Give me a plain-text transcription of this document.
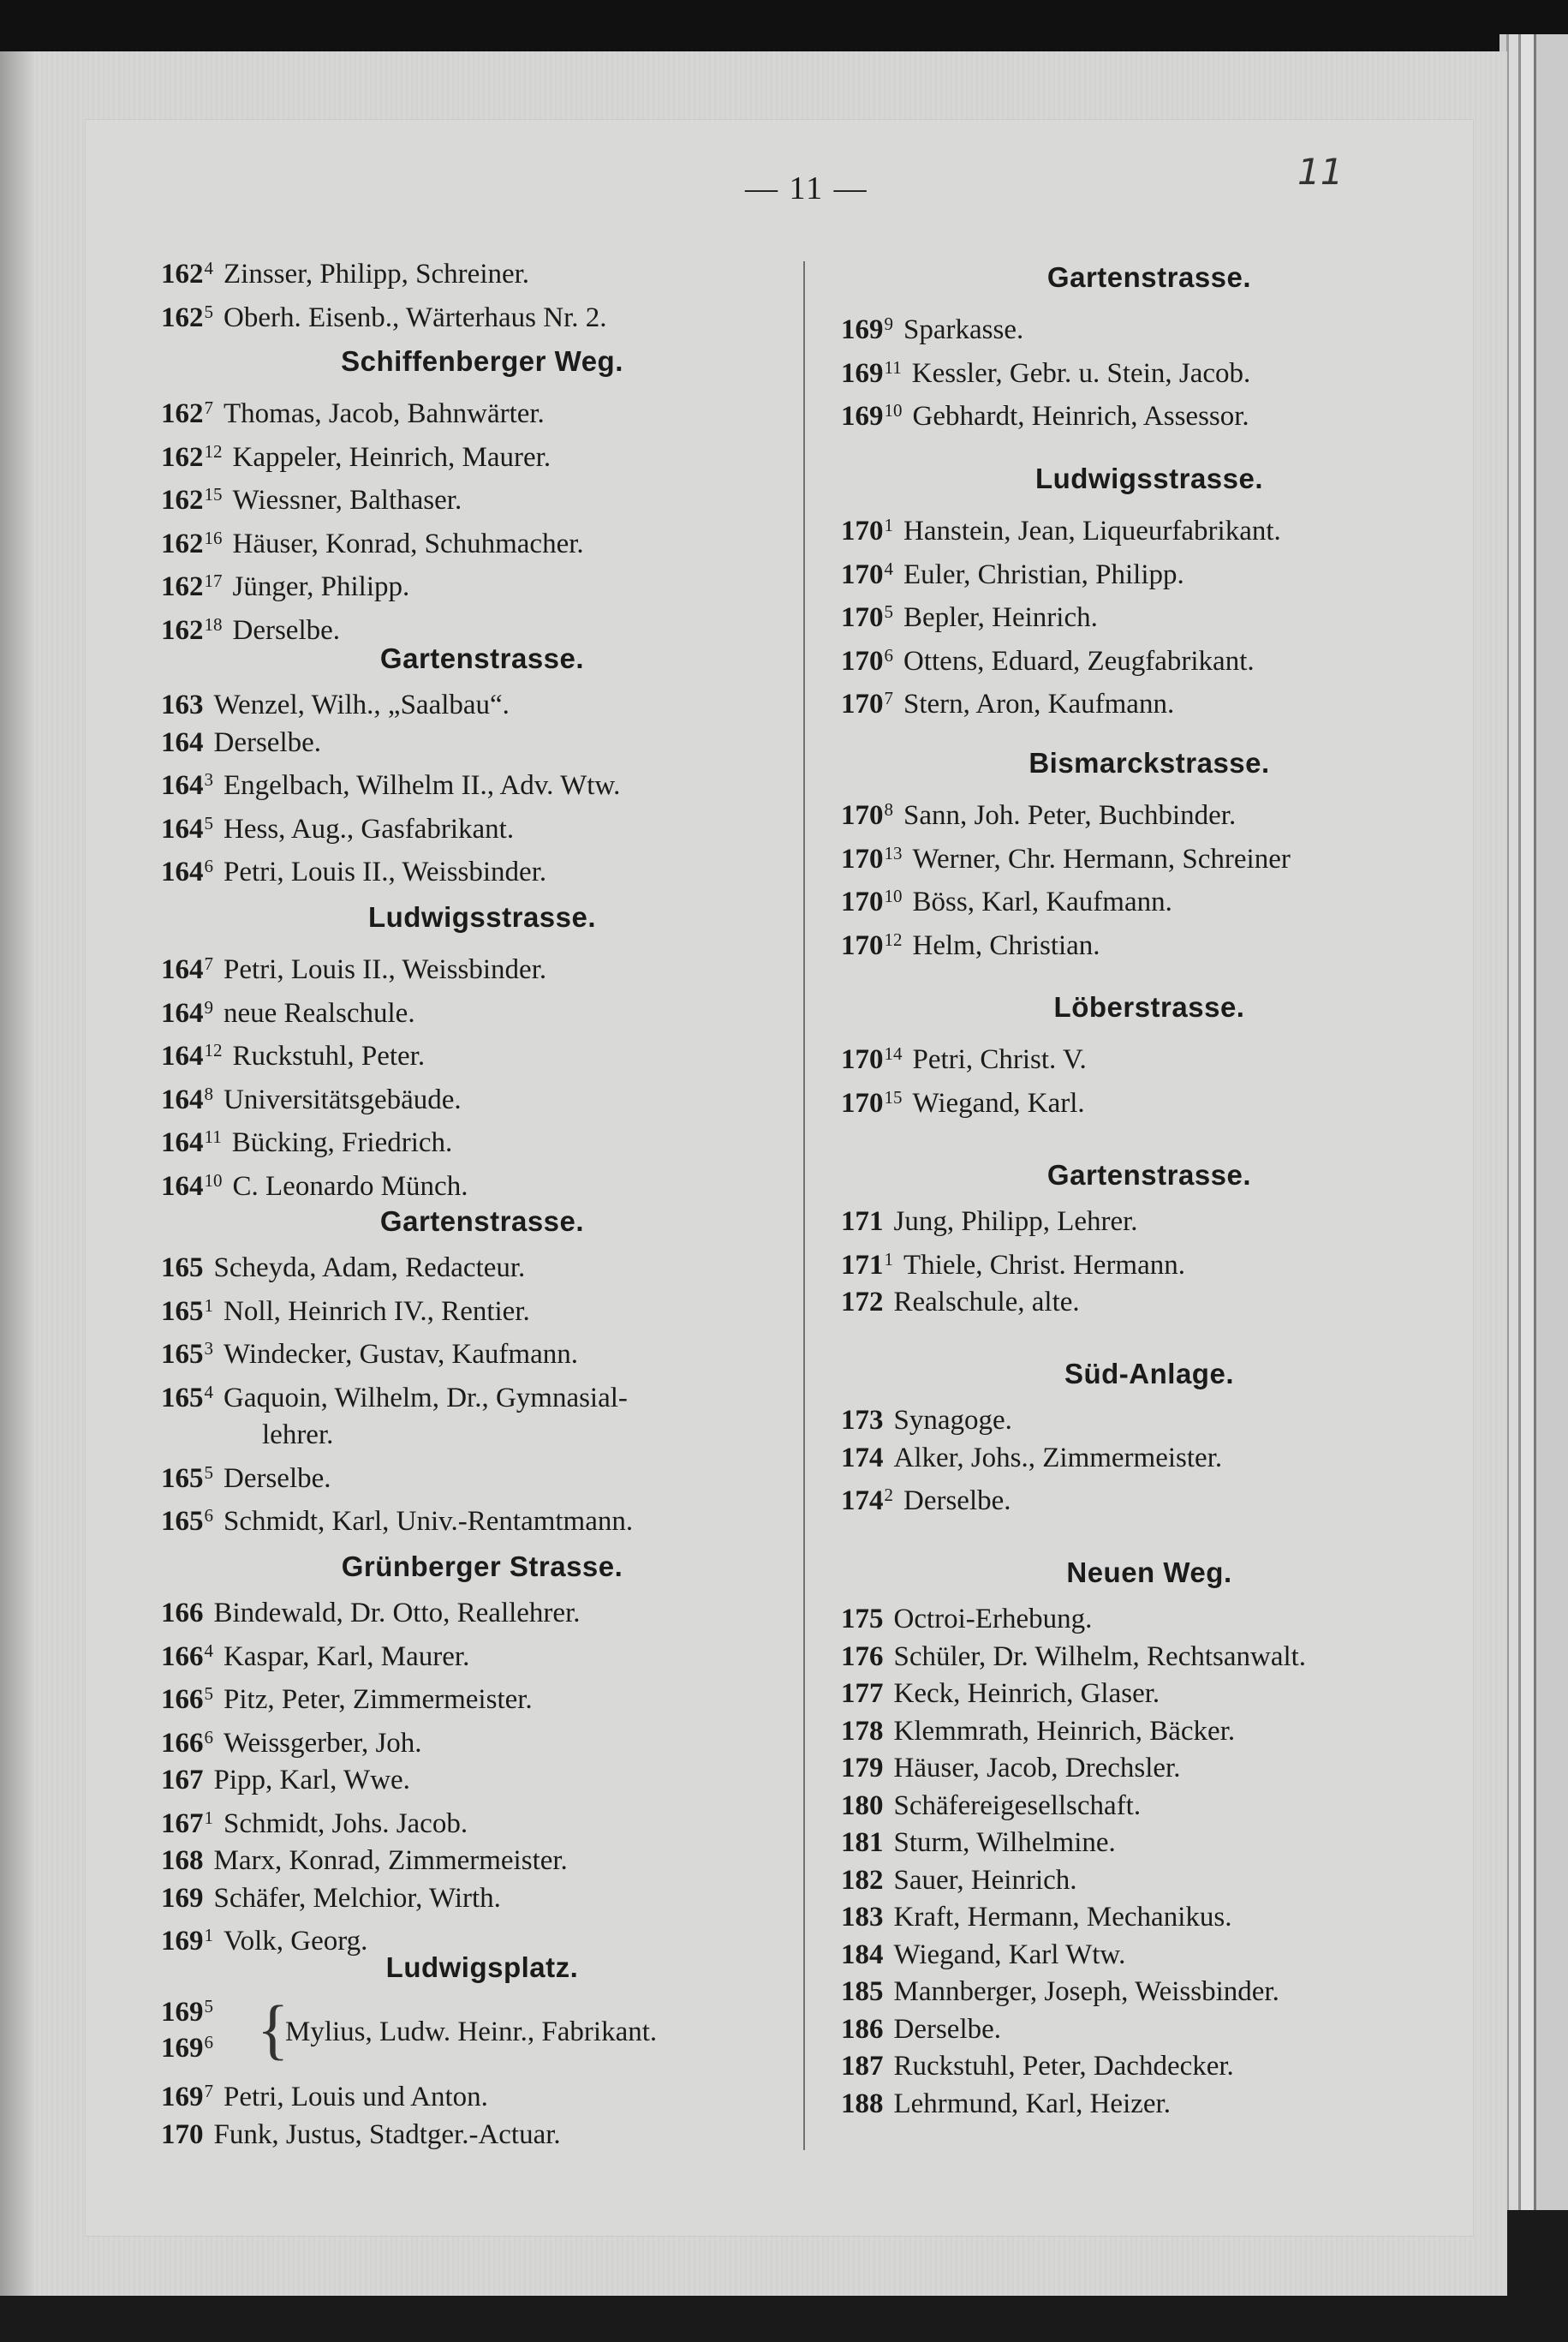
— 11 —	11
$162^4$ Zinsser, Philipp, Schreiner.
$162^5$ Oberh. Eisenb., Wärterhaus Nr. 2.
Schiffenberger Weg.
$162^7$ Thomas, Jacob, Bahnwärter.
$162^{12}$ Kappeler, Heinrich, Maurer.
$162^{15}$ Wiessner, Balthaser.
$162^{16}$ Häuser, Konrad, Schuhmacher.
$162^{17}$ Jünger, Philipp.
$162^{18}$ Derselbe.
Gartenstrasse.
163 Wenzel, Wilh., „Saalbau“.
164 Derselbe.
$164^3$ Engelbach, Wilhelm II., Adv. Wtw.
$164^5$ Hess, Aug., Gasfabrikant.
$164^6$ Petri, Louis II., Weissbinder.
Ludwigsstrasse.
$164^7$ Petri, Louis II., Weissbinder.
$164^9$ neue Realschule.
$164^{12}$ Ruckstuhl, Peter.
$164^8$ Universitätsgebäude.
$164^{11}$ Bücking, Friedrich.
$164^{10}$ C. Leonardo Münch.
Gartenstrasse.
165 Scheyda, Adam, Redacteur.
$165^1$ Noll, Heinrich IV., Rentier.
$165^3$ Windecker, Gustav, Kaufmann.
$165^4$ Gaquoin, Wilhelm, Dr., Gymnasial-
lehrer.
$165^5$ Derselbe.
$165^6$ Schmidt, Karl, Univ.-Rentamtmann.
Grünberger Strasse.
166 Bindewald, Dr. Otto, Reallehrer.
$166^4$ Kaspar, Karl, Maurer.
$166^5$ Pitz, Peter, Zimmermeister.
$166^6$ Weissgerber, Joh.
167 Pipp, Karl, Wwe.
$167^1$ Schmidt, Johs. Jacob.
168 Marx, Konrad, Zimmermeister.
169 Schäfer, Melchior, Wirth.
$169^1$ Volk, Georg.
Ludwigsplatz.
$169^5$
$169^6$ {
Mylius, Ludw. Heinr., Fabrikant.
$169^7$ Petri, Louis und Anton.
170 Funk, Justus, Stadtger.-Actuar.
Gartenstrasse.
$169^9$ Sparkasse.
$169^{11}$ Kessler, Gebr. u. Stein, Jacob.
$169^{10}$ Gebhardt, Heinrich, Assessor.
Ludwigsstrasse.
$170^1$ Hanstein, Jean, Liqueurfabrikant.
$170^4$ Euler, Christian, Philipp.
$170^5$ Bepler, Heinrich.
$170^6$ Ottens, Eduard, Zeugfabrikant.
$170^7$ Stern, Aron, Kaufmann.
Bismarckstrasse.
$170^8$ Sann, Joh. Peter, Buchbinder.
$170^{13}$ Werner, Chr. Hermann, Schreiner
$170^{10}$ Böss, Karl, Kaufmann.
$170^{12}$ Helm, Christian.
Löberstrasse.
$170^{14}$ Petri, Christ. V.
$170^{15}$ Wiegand, Karl.
Gartenstrasse.
171 Jung, Philipp, Lehrer.
$171^1$ Thiele, Christ. Hermann.
172 Realschule, alte.
Süd-Anlage.
173 Synagoge.
174 Alker, Johs., Zimmermeister.
$174^2$ Derselbe.
Neuen Weg.
175 Octroi-Erhebung.
176 Schüler, Dr. Wilhelm, Rechtsanwalt.
177 Keck, Heinrich, Glaser.
178 Klemmrath, Heinrich, Bäcker.
179 Häuser, Jacob, Drechsler.
180 Schäfereigesellschaft.
181 Sturm, Wilhelmine.
182 Sauer, Heinrich.
183 Kraft, Hermann, Mechanikus.
184 Wiegand, Karl Wtw.
185 Mannberger, Joseph, Weissbinder.
186 Derselbe.
187 Ruckstuhl, Peter, Dachdecker.
188 Lehrmund, Karl, Heizer.
